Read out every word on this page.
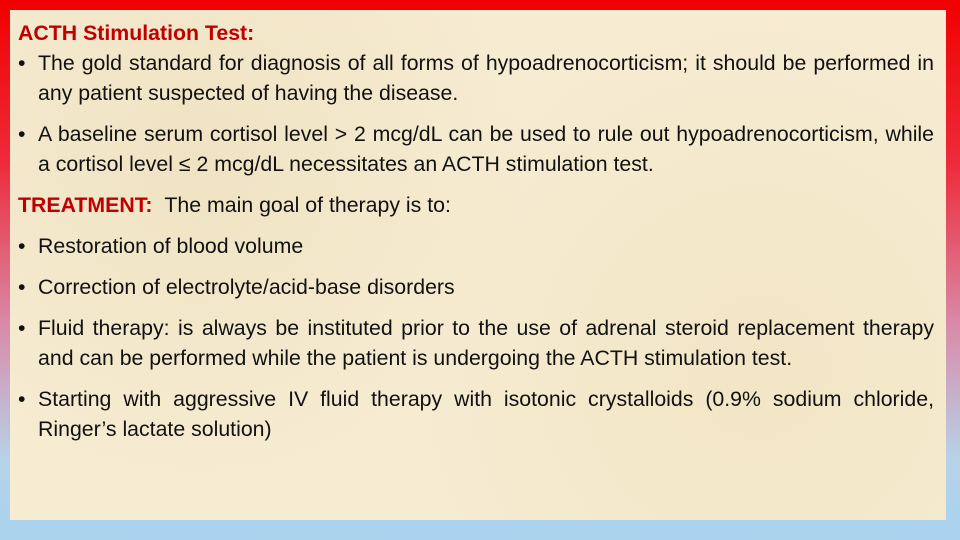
ACTH Stimulation Test:
• The gold standard for diagnosis of all forms of hypoadrenocorticism; it should be performed in any patient suspected of having the disease.
• A baseline serum cortisol level > 2 mcg/dL can be used to rule out hypoadrenocorticism, while a cortisol level ≤ 2 mcg/dL necessitates an ACTH stimulation test.
TREATMENT: The main goal of therapy is to:
• Restoration of blood volume
• Correction of electrolyte/acid-base disorders
• Fluid therapy: is always be instituted prior to the use of adrenal steroid replacement therapy and can be performed while the patient is undergoing the ACTH stimulation test.
• Starting with aggressive IV fluid therapy with isotonic crystalloids (0.9% sodium chloride, Ringer’s lactate solution)
